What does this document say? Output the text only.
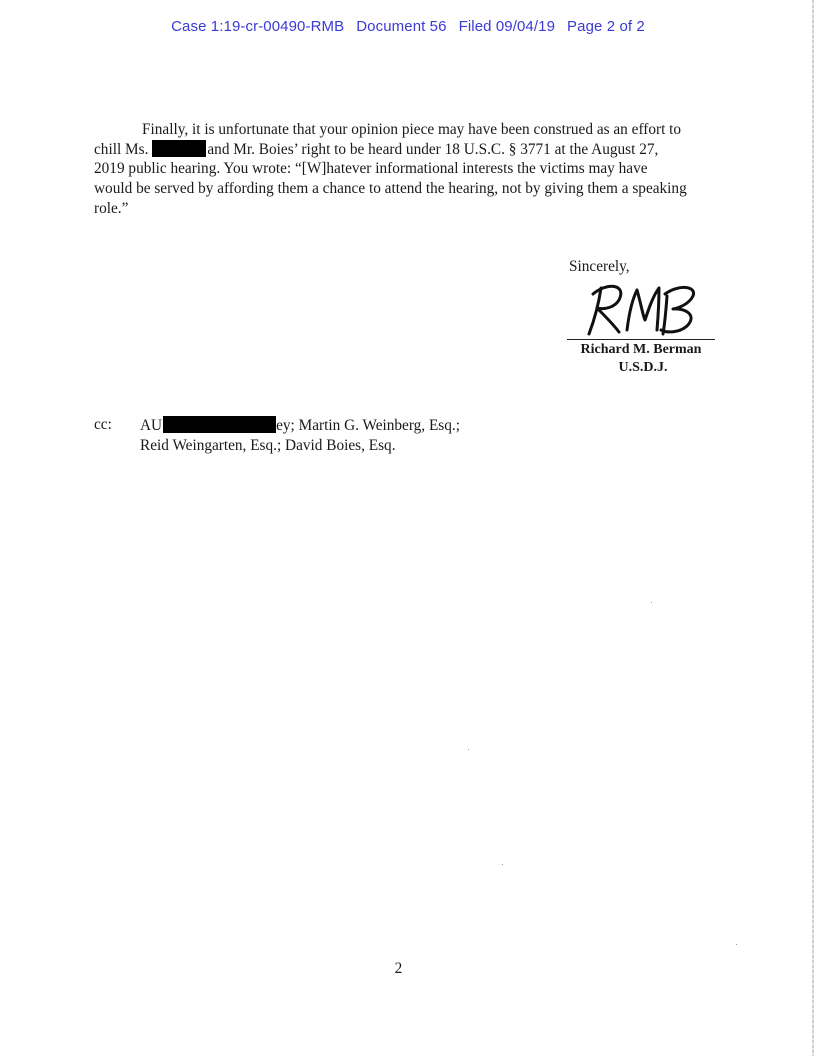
Case 1:19-cr-00490-RMB Document 56 Filed 09/04/19 Page 2 of 2

Finally, it is unfortunate that your opinion piece may have been construed as an effort to
chill Ms.	and Mr. Boies’ right to be heard under 18 U.S.C. § 3771 at the August 27,
2019 public hearing. You wrote: “[W]hatever informational interests the victims may have
would be served by affording them a chance to attend the hearing, not by giving them a speaking
role.”

Sincerely,

Richard M. Berman

U.S.D.J.

cc: AU	ey; Martin G. Weinberg, Esq.;
Reid Weingarten, Esq.; David Boies, Esq.

2
